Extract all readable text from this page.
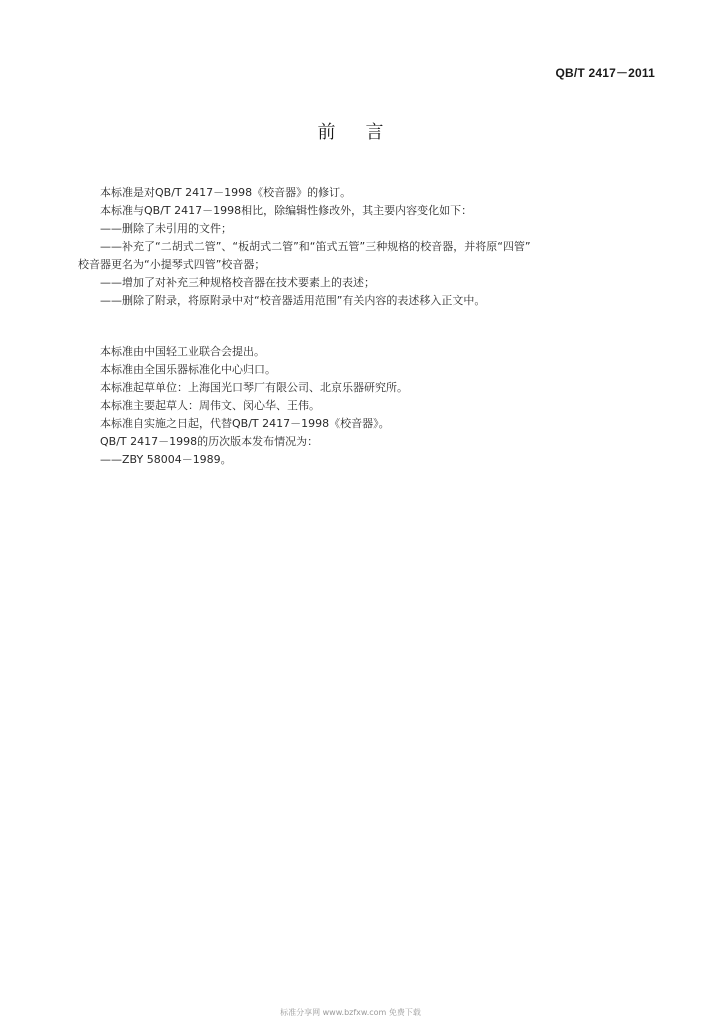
QB/T 2417－2011
前言

本标准是对QB/T 2417－1998《校音器》的修订。

本标准与QB/T 2417－1998相比，除编辑性修改外，其主要内容变化如下：

——删除了未引用的文件；

——补充了“二胡式二管”、“板胡式二管”和“笛式五管”三种规格的校音器，并将原“四管”

校音器更名为“小提琴式四管”校音器；

——增加了对补充三种规格校音器在技术要素上的表述；

——删除了附录，将原附录中对“校音器适用范围”有关内容的表述移入正文中。

本标准由中国轻工业联合会提出。

本标准由全国乐器标准化中心归口。

本标准起草单位：上海国光口琴厂有限公司、北京乐器研究所。

本标准主要起草人：周伟文、闵心华、王伟。

本标准自实施之日起，代替QB/T 2417－1998《校音器》。

QB/T 2417－1998的历次版本发布情况为：

——ZBY 58004－1989。

标准分享网 www.bzfxw.com 免费下载
